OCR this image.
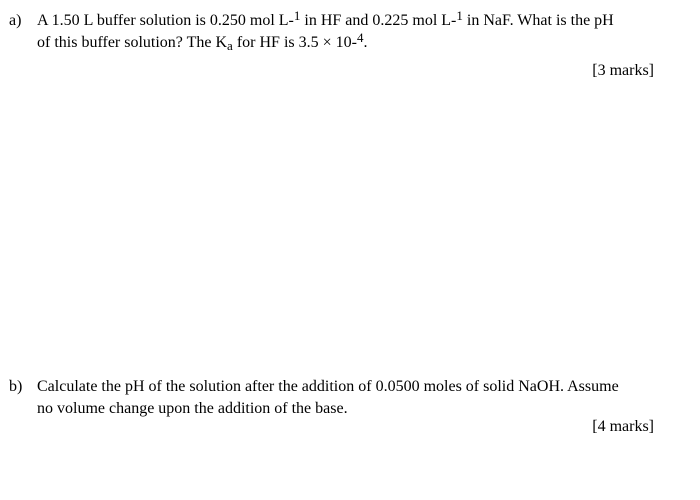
a) A 1.50 L buffer solution is 0.250 mol L-$^1$ in HF and 0.225 mol L-$^1$ in NaF. What is the pH
of this buffer solution? The $K_a$ for HF is 3.5 × 10-$^4$.
[3 marks]
b) Calculate the pH of the solution after the addition of 0.0500 moles of solid NaOH. Assume
no volume change upon the addition of the base.
[4 marks]
